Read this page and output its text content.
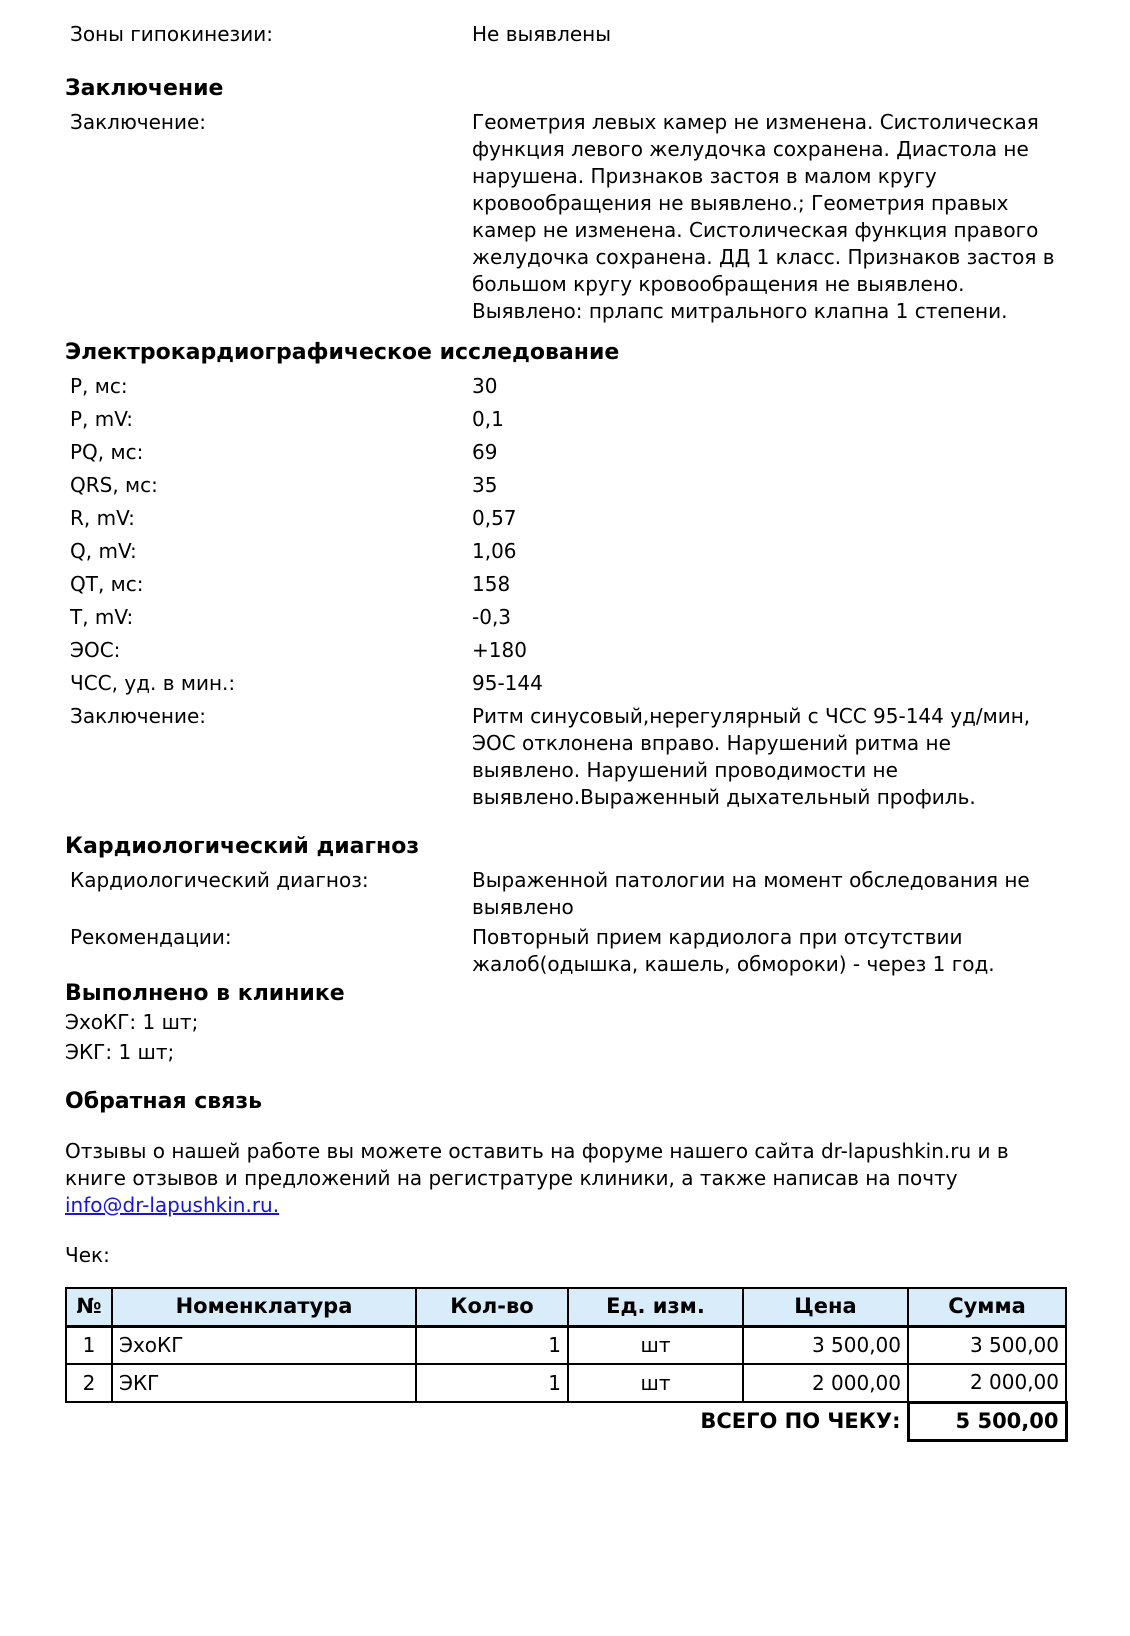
Зоны гипокинезии:	Не выявлены
Заключение
Заключение:	Геометрия левых камер не изменена. Систолическая функция левого желудочка сохранена. Диастола не нарушена. Признаков застоя в малом кругу кровообращения не выявлено.; Геометрия правых камер не изменена. Систолическая функция правого желудочка сохранена. ДД 1 класс. Признаков застоя в большом кругу кровообращения не выявлено. Выявлено: прлапс митрального клапна 1 степени.
Электрокардиографическое исследование
P, мс:	30
P, mV:	0,1
PQ, мс:	69
QRS, мс:	35
R, mV:	0,57
Q, mV:	1,06
QT, мс:	158
T, mV:	-0,3
ЭОС:	+180
ЧСС, уд. в мин.:	95-144
Заключение:	Ритм синусовый,нерегулярный с ЧСС 95-144 уд/мин, ЭОС отклонена вправо. Нарушений ритма не выявлено. Нарушений проводимости не выявлено.Выраженный дыхательный профиль.
Кардиологический диагноз
Кардиологический диагноз:	Выраженной патологии на момент обследования не выявлено
Рекомендации:	Повторный прием кардиолога при отсутствии жалоб(одышка, кашель, обмороки) - через 1 год.
Выполнено в клинике
ЭхоКГ: 1 шт;
ЭКГ: 1 шт;
Обратная связь
Отзывы о нашей работе вы можете оставить на форуме нашего сайта dr-lapushkin.ru и в книге отзывов и предложений на регистратуре клиники, а также написав на почту
info@dr-lapushkin.ru.
Чек:
№	Номенклатура	Кол-во	Ед. изм.	Цена	Сумма
1	ЭхоКГ	1	шт	3 500,00	3 500,00
2	ЭКГ	1	шт	2 000,00	2 000,00
ВСЕГО ПО ЧЕКУ:					5 500,00
